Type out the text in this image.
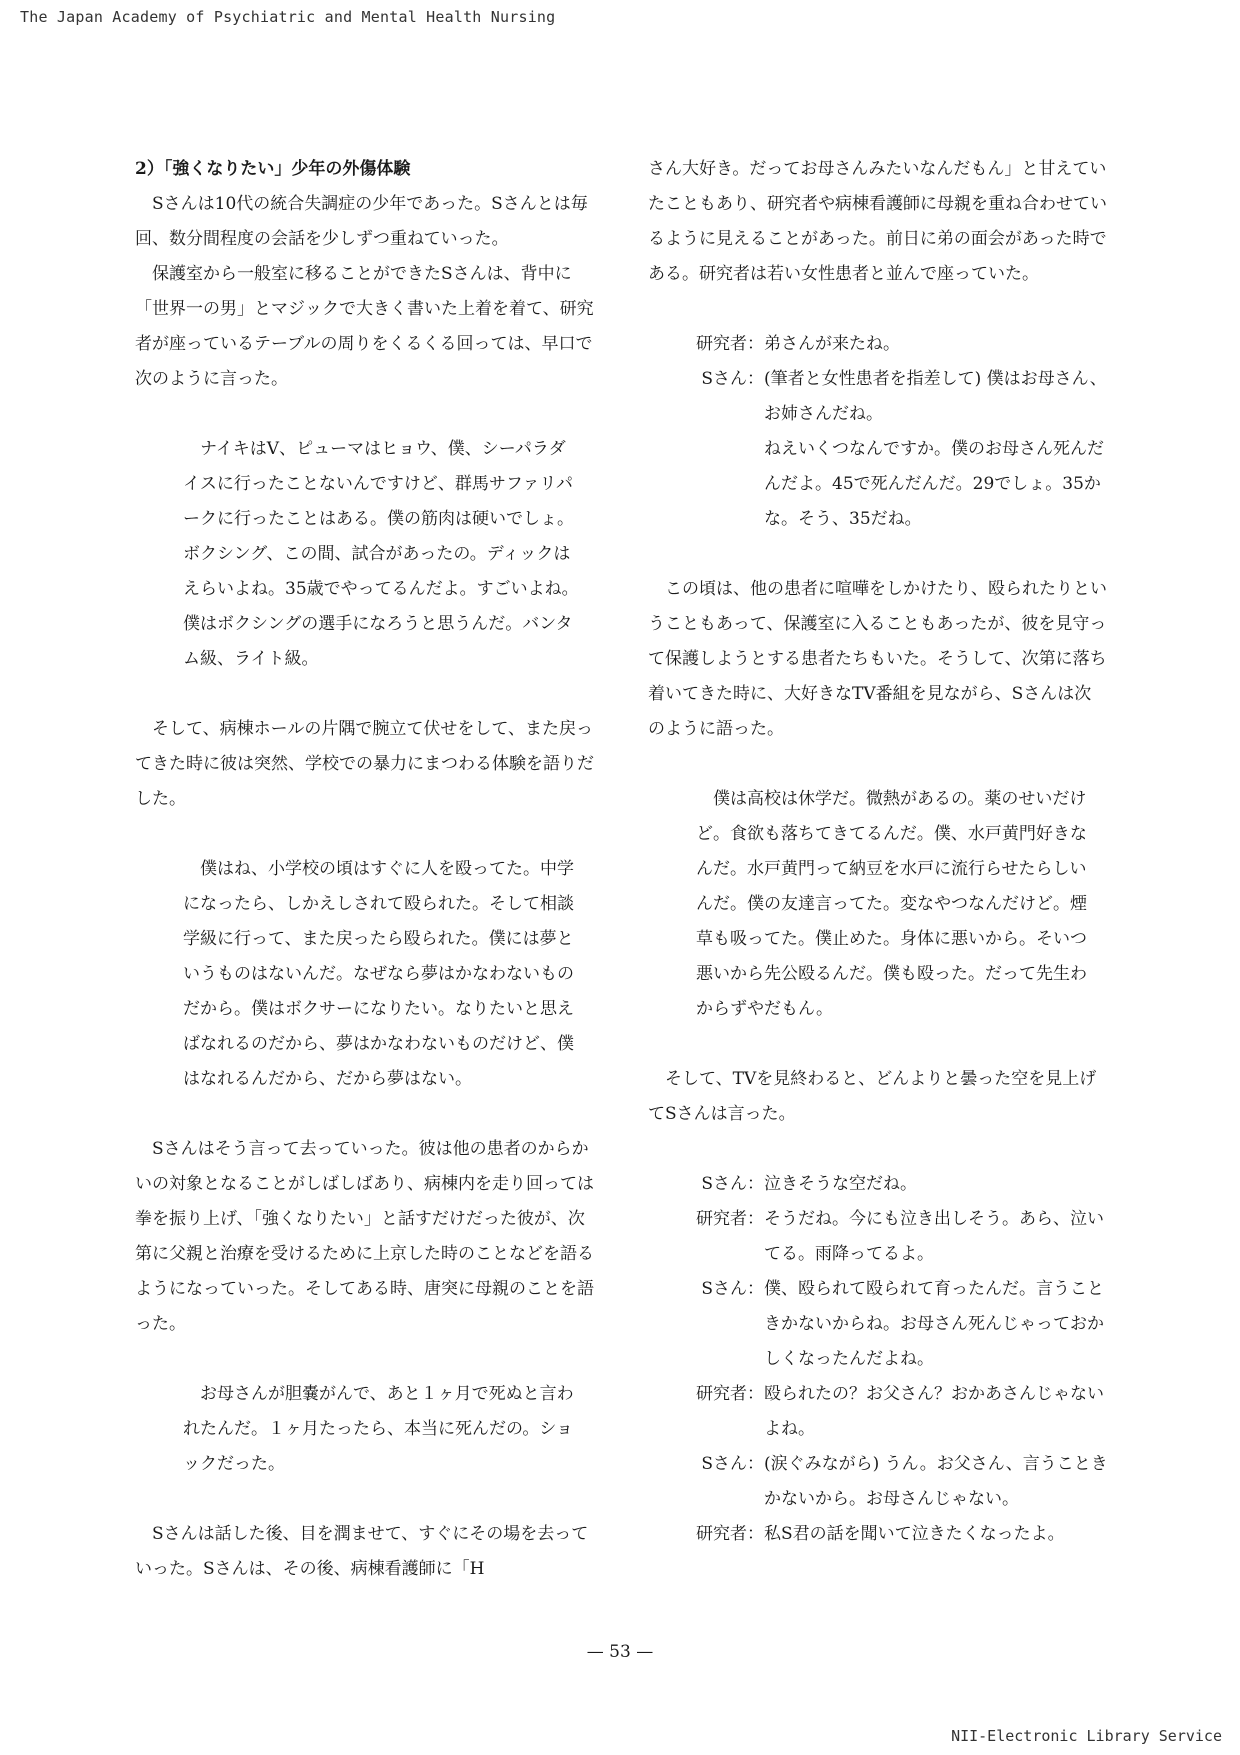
The Japan Academy of Psychiatric and Mental Health Nursing

2）「強くなりたい」少年の外傷体験

Sさんは10代の統合失調症の少年であった。Sさんとは毎回、数分間程度の会話を少しずつ重ねていった。

保護室から一般室に移ることができたSさんは、背中に「世界一の男」とマジックで大きく書いた上着を着て、研究者が座っているテーブルの周りをくるくる回っては、早口で次のように言った。

ナイキはV、ピューマはヒョウ、僕、シーパラダイスに行ったことないんですけど、群馬サファリパークに行ったことはある。僕の筋肉は硬いでしょ。ボクシング、この間、試合があったの。ディックはえらいよね。35歳でやってるんだよ。すごいよね。僕はボクシングの選手になろうと思うんだ。バンタム級、ライト級。

そして、病棟ホールの片隅で腕立て伏せをして、また戻ってきた時に彼は突然、学校での暴力にまつわる体験を語りだした。

僕はね、小学校の頃はすぐに人を殴ってた。中学になったら、しかえしされて殴られた。そして相談学級に行って、また戻ったら殴られた。僕には夢というものはないんだ。なぜなら夢はかなわないものだから。僕はボクサーになりたい。なりたいと思えばなれるのだから、夢はかなわないものだけど、僕はなれるんだから、だから夢はない。

Sさんはそう言って去っていった。彼は他の患者のからかいの対象となることがしばしばあり、病棟内を走り回っては拳を振り上げ、「強くなりたい」と話すだけだった彼が、次第に父親と治療を受けるために上京した時のことなどを語るようになっていった。そしてある時、唐突に母親のことを語った。

お母さんが胆嚢がんで、あと１ヶ月で死ぬと言われたんだ。１ヶ月たったら、本当に死んだの。ショックだった。

Sさんは話した後、目を潤ませて、すぐにその場を去っていった。Sさんは、その後、病棟看護師に「H

さん大好き。だってお母さんみたいなんだもん」と甘えていたこともあり、研究者や病棟看護師に母親を重ね合わせているように見えることがあった。前日に弟の面会があった時である。研究者は若い女性患者と並んで座っていた。

研究者： 弟さんが来たね。
Sさん： (筆者と女性患者を指差して) 僕はお母さん、お姉さんだね。
ねえいくつなんですか。僕のお母さん死んだんだよ。45で死んだんだ。29でしょ。35かな。そう、35だね。

この頃は、他の患者に喧嘩をしかけたり、殴られたりということもあって、保護室に入ることもあったが、彼を見守って保護しようとする患者たちもいた。そうして、次第に落ち着いてきた時に、大好きなTV番組を見ながら、Sさんは次のように語った。

僕は高校は休学だ。微熱があるの。薬のせいだけど。食欲も落ちてきてるんだ。僕、水戸黄門好きなんだ。水戸黄門って納豆を水戸に流行らせたらしいんだ。僕の友達言ってた。変なやつなんだけど。煙草も吸ってた。僕止めた。身体に悪いから。そいつ悪いから先公殴るんだ。僕も殴った。だって先生わからずやだもん。

そして、TVを見終わると、どんよりと曇った空を見上げてSさんは言った。

Sさん： 泣きそうな空だね。
研究者： そうだね。今にも泣き出しそう。あら、泣いてる。雨降ってるよ。
Sさん： 僕、殴られて殴られて育ったんだ。言うこときかないからね。お母さん死んじゃっておかしくなったんだよね。
研究者： 殴られたの？お父さん？おかあさんじゃないよね。
Sさん： (涙ぐみながら) うん。お父さん、言うこときかないから。お母さんじゃない。
研究者： 私S君の話を聞いて泣きたくなったよ。
— 53 —
NII-Electronic Library Service
